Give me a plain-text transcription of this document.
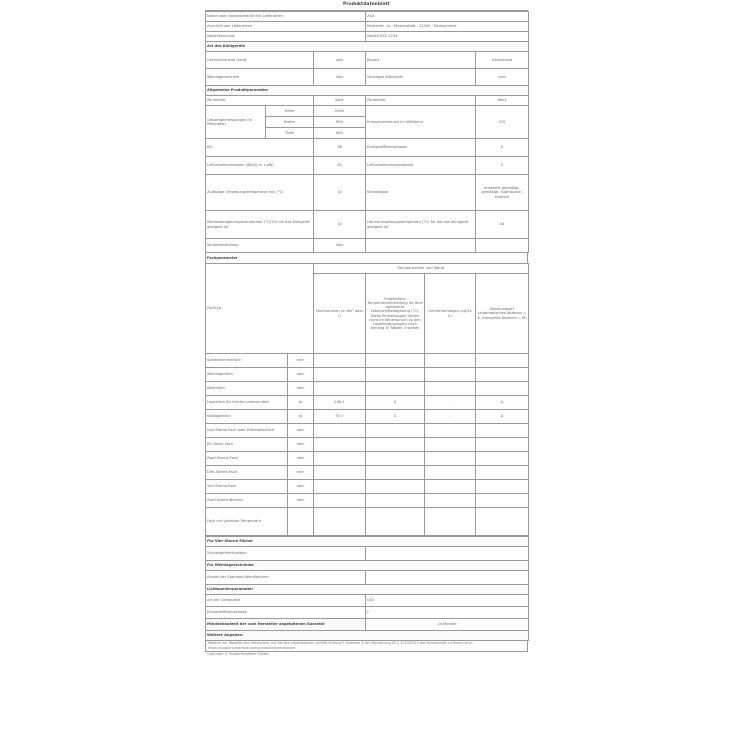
Produktdatenblatt
Name oder Handelsmarke des Lieferanten			XXX	
Anschrift des Lieferanten			Musterstr. 1a · Musterstadt · 12345 · Deutschland	
Modellkennung			Modell XYZ 1234	
Art des Kühlgeräts				
Geräuscharmes Gerät		nein	Bauart	freistehend
Weinlagerschrank		nein	Sonstiges Kühlgerät	nein
Allgemeine Produktparameter				
Parameter		Wert	Parameter	Wert
Gesamtabmessungen (in Millimeter)	Höhe	2000	Energieverbrauch (in kWh/Jahr)	270
	Breite	600		
	Tiefe	660		
EEI		98	Energieeffizienzklasse	E
Luftschallemissionen (dB(A) re 1 pW)		40	Luftschallemissionsklasse	C
Zulässige Umgebungstemperatur min (°C)		10	Klimaklasse	erweitert gemäßigt, gemäßigt, subtropisch, tropisch
Mindestumgebungstemperatur (°C) für die das Kühlgerät geeignet ist		10	Höchstumgebungstemperatur (°C) für die das Kühlgerät geeignet ist	43
Wintereinstellung		nein		
Fachparameter
Fachtyp		Fachparameter und Werte			
		Fachvolumen (in dm³ oder l)	Empfohlene Temperatureinstellung für eine optimierte Lebensmittellagerung (°C). Diese Einstellungen dürfen nicht im Widerspruch zu den Lagerbedingungen nach Anhang IV Tabelle 3 stehen	Gefriervermögen (kg/24 h)	Abtauungsart (automatisches Abtauen = A, manuelles Abtauen = M)
Speisekammerfach	nein				
Weinlagerfach	nein				
Kellerfach	nein				
Lagerfach für frische Lebensmittel	ja	246,1	4	-	A
Kaltlagerfach	ja	97,7	0	-	A
Null-Sterne-Fach oder Eisbereiterfach	nein				
Ein-Stern-Fach	nein				
Zwei-Sterne-Fach	nein				
Drei-Sterne-Fach	nein				
Vier-Sterne-Fach	nein				
Zwei-Sterne-Bereich	nein				
Fach mit variabler Temperatur					
Für Vier-Sterne-Fächer	
Schnellgefrierfunktion	
Für Weinlagerschränke	
Anzahl der Standard-Weinflaschen	
Lichtquellenparameter	
Art der Lichtquelle	LED
Energieeffizienzklasse	F
Mindestlaufzeit der vom Hersteller angebotenen Garantie	24 Monate
Weitere Angaben:	
Weblink zur Website des Herstellers, auf der die Informationen gemäß Anhang II Nummer 4 der Verordnung (EU) 2019/2023 der Kommission zu finden sind: https://support.example.com/produktinformationen
Copyright © Musterhersteller GmbH
